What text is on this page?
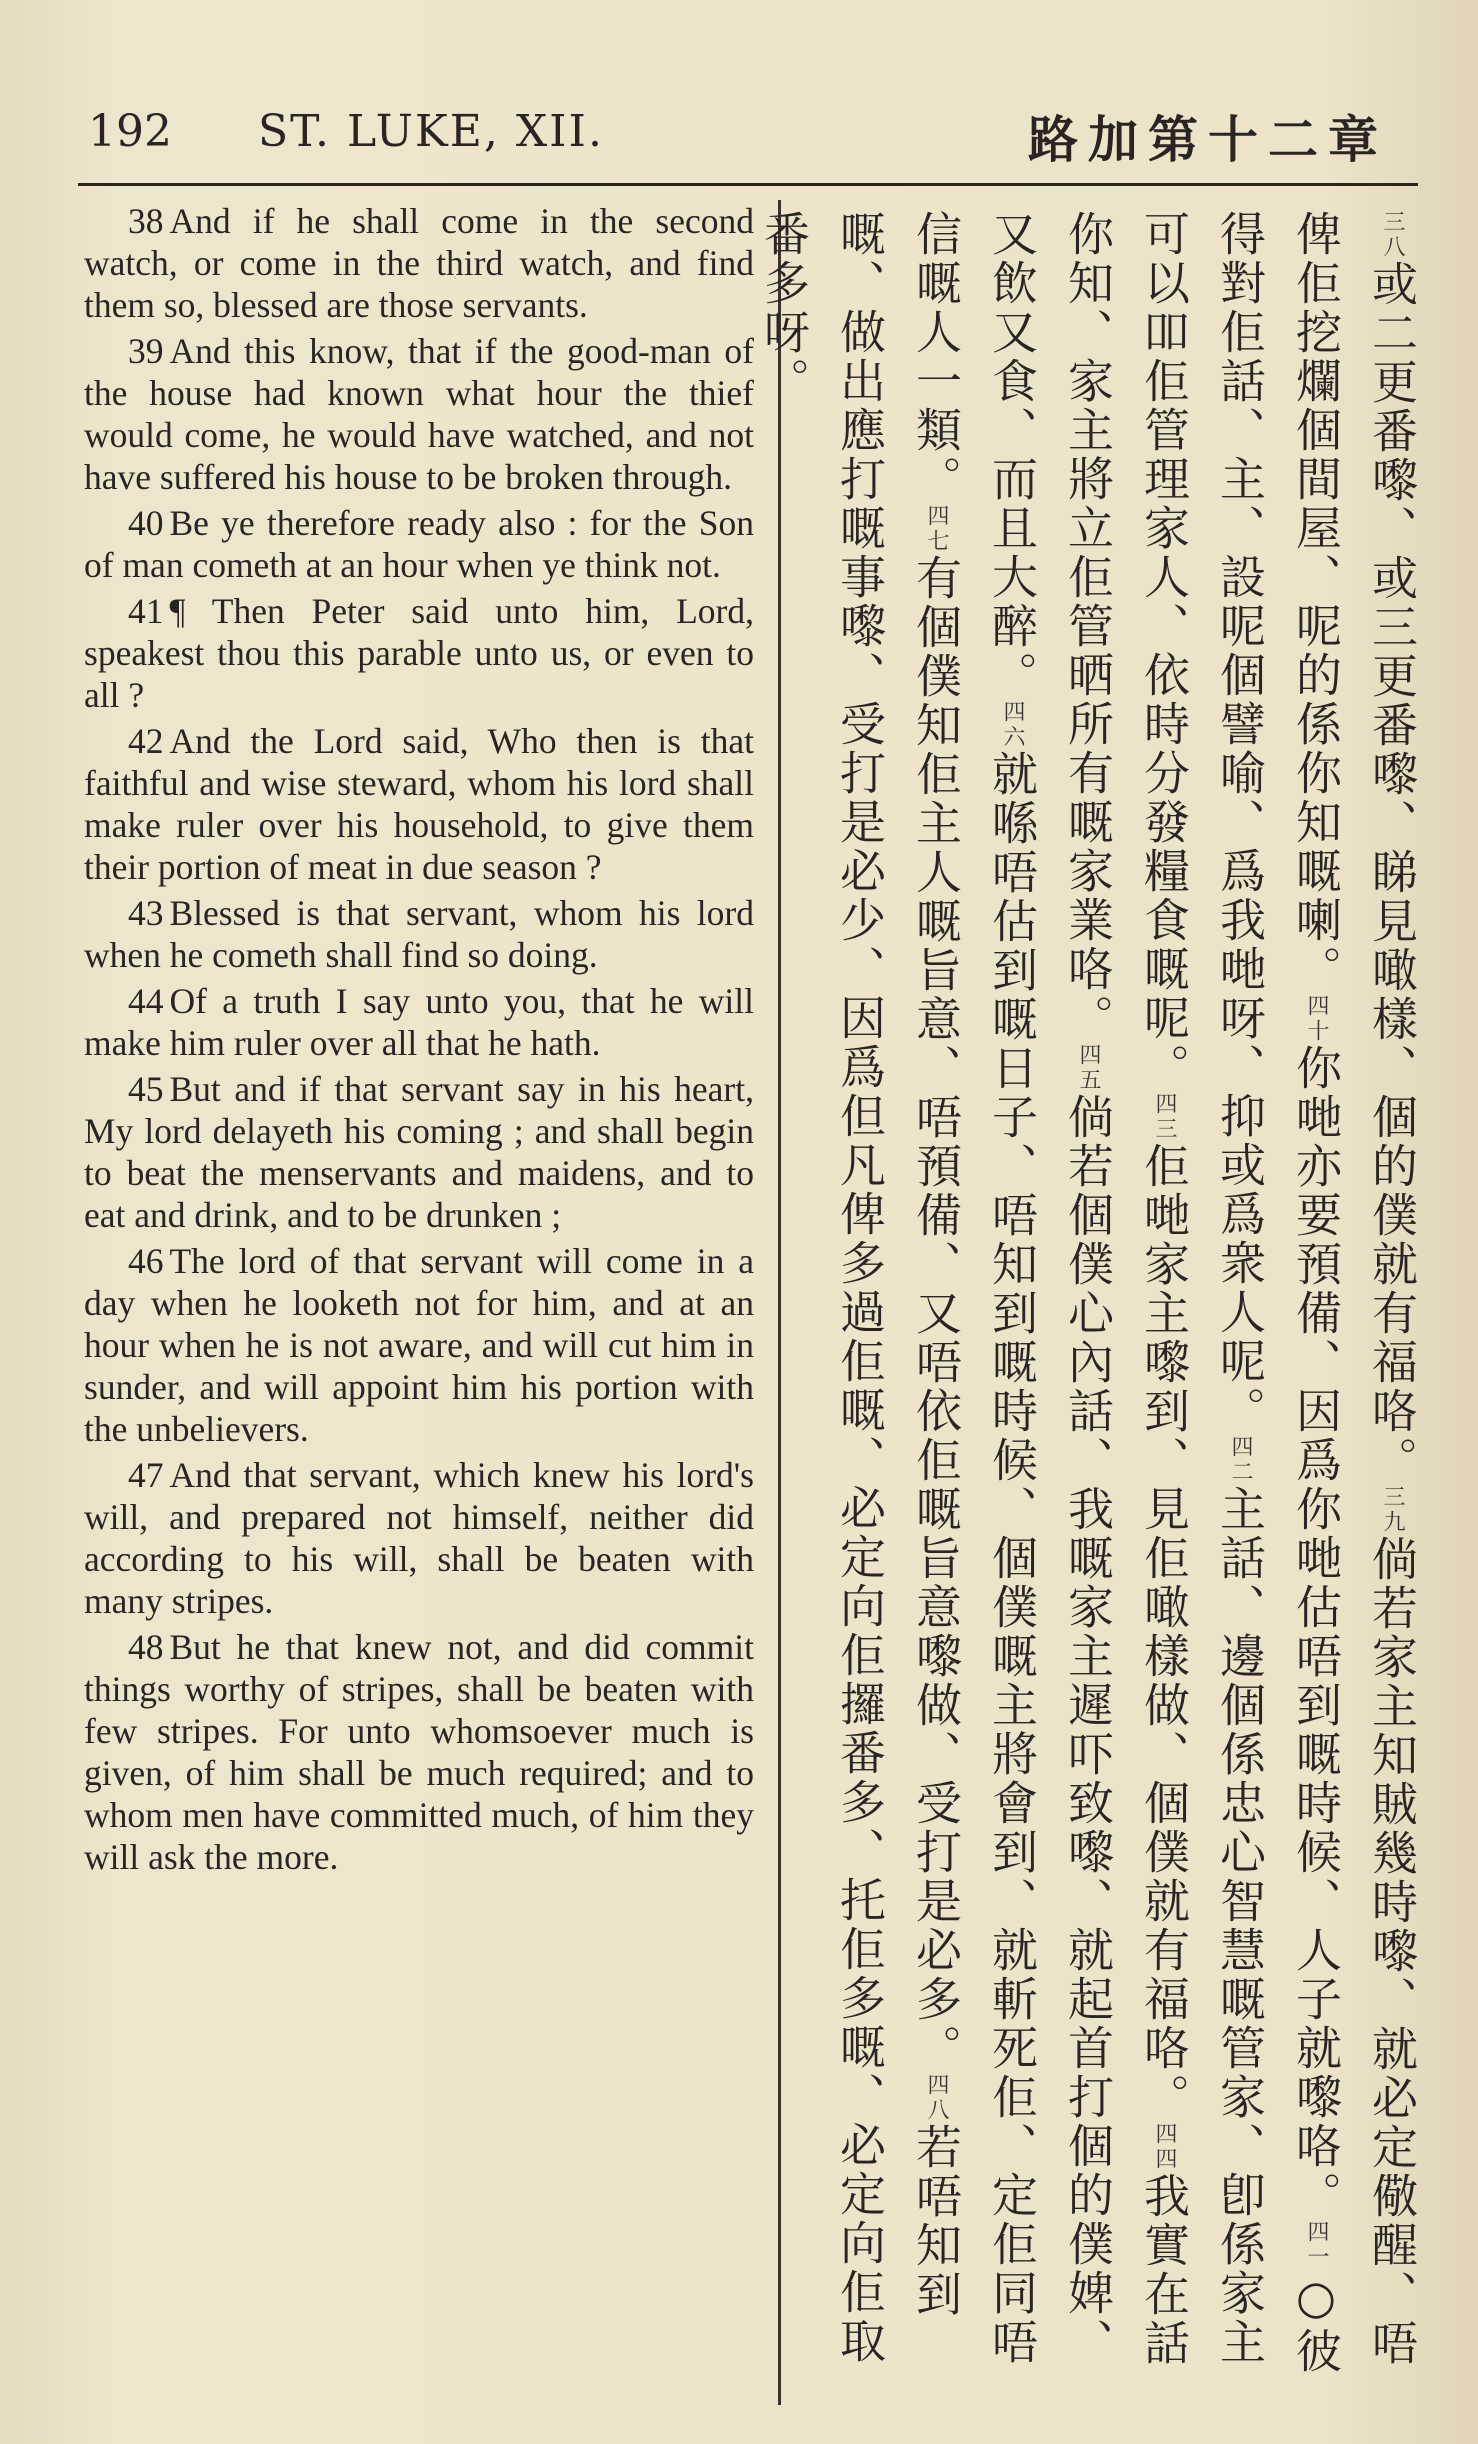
192 ST. LUKE, XII.	路加第十二章

38 And if he shall come in the second watch, or come in the third watch, and find them so, blessed are those servants.

39 And this know, that if the good-man of the house had known what hour the thief would come, he would have watched, and not have suffered his house to be broken through.

40 Be ye therefore ready also : for the Son of man cometh at an hour when ye think not.

41 ¶ Then Peter said unto him, Lord, speakest thou this parable unto us, or even to all ?

42 And the Lord said, Who then is that faithful and wise steward, whom his lord shall make ruler over his household, to give them their portion of meat in due season ?

43 Blessed is that servant, whom his lord when he cometh shall find so doing.

44 Of a truth I say unto you, that he will make him ruler over all that he hath.

45 But and if that servant say in his heart, My lord delayeth his coming ; and shall begin to beat the menservants and maidens, and to eat and drink, and to be drunken ;

46 The lord of that servant will come in a day when he looketh not for him, and at an hour when he is not aware, and will cut him in sunder, and will appoint him his portion with the unbelievers.

47 And that servant, which knew his lord's will, and prepared not himself, neither did according to his will, shall be beaten with many stripes.

48 But he that knew not, and did commit things worthy of stripes, shall be beaten with few stripes. For unto whomsoever much is given, of him shall be much required; and to whom men have committed much, of him they will ask the more.

三八或二更番嚟、或三更番嚟、睇見噉樣、個的僕就有福咯。三九倘若家主知賊幾時嚟、就必定儆醒、唔俾佢挖爛個間屋、呢的係你知嘅喇。四十你哋亦要預備、因爲你哋估唔到嘅時候、人子就嚟咯。四一○彼得對佢話、主、設呢個譬喻、爲我哋呀、抑或爲衆人呢。四二主話、邊個係忠心智慧嘅管家、卽係家主可以吅佢管理家人、依時分發糧食嘅呢。四三佢哋家主嚟到、見佢噉樣做、個僕就有福咯。四四我實在話你知、家主將立佢管晒所有嘅家業咯。四五倘若個僕心內話、我嘅家主遲吓致嚟、就起首打個的僕婢、又飲又食、而且大醉。四六就喺唔估到嘅日子、唔知到嘅時候、個僕嘅主將會到、就斬死佢、定佢同唔信嘅人一類。四七有個僕知佢主人嘅旨意、唔預備、又唔依佢嘅旨意嚟做、受打是必多。四八若唔知到嘅、做出應打嘅事嚟、受打是必少、因爲但凡俾多過佢嘅、必定向佢攞番多、托佢多嘅、必定向佢取番多呀。
